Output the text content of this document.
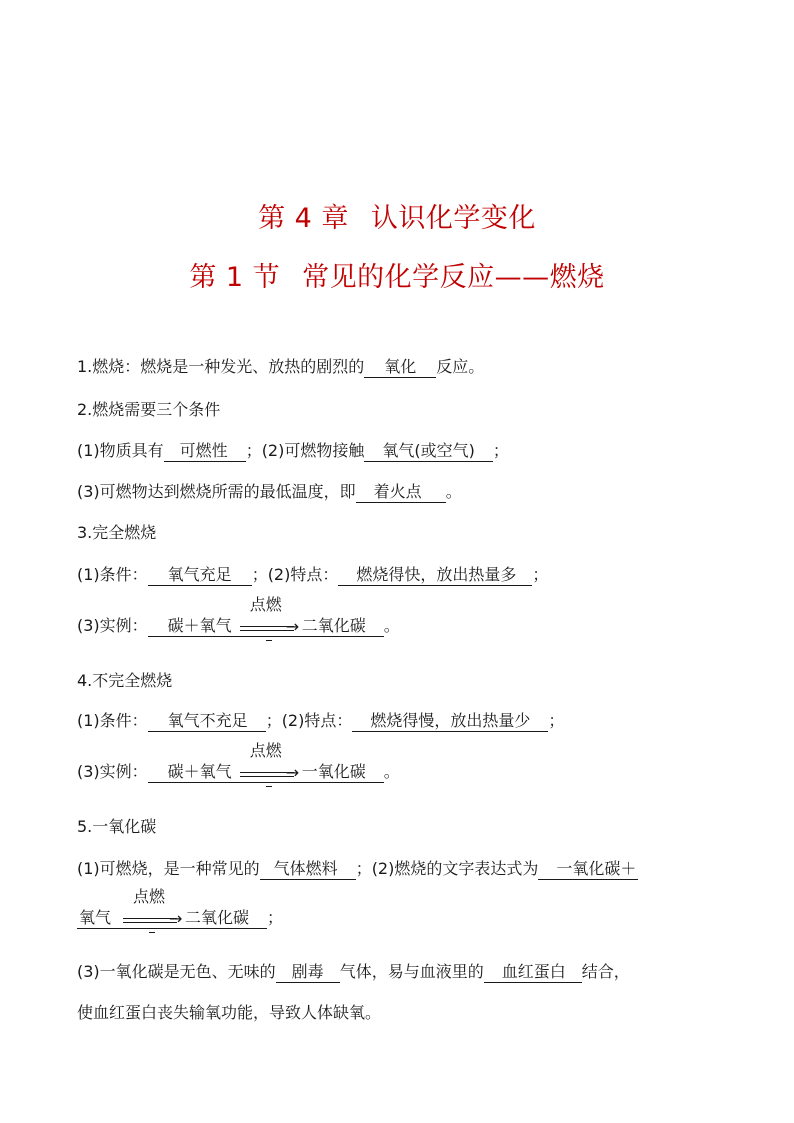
第 4 章 认识化学变化
第 1 节 常见的化学反应——燃烧
1.燃烧：燃烧是一种发光、放热的剧烈的 氧化 反应。
2.燃烧需要三个条件
(1)物质具有 可燃性 ；(2)可燃物接触 氧气(或空气) ；
(3)可燃物达到燃烧所需的最低温度，即 着火点 。
3.完全燃烧
(1)条件： 氧气充足 ；(2)特点： 燃烧得快，放出热量多 ；
(3)实例： 碳＋氧气
点燃
→ 二氧化碳 。
4.不完全燃烧
(1)条件： 氧气不充足 ；(2)特点： 燃烧得慢，放出热量少 ；
(3)实例： 碳＋氧气
点燃
→ 一氧化碳 。
5.一氧化碳
(1)可燃烧，是一种常见的 气体燃料 ；(2)燃烧的文字表达式为 一氧化碳＋
氧气
点燃
→ 二氧化碳 ；
(3)一氧化碳是无色、无味的 剧毒 气体，易与血液里的 血红蛋白 结合，
使血红蛋白丧失输氧功能，导致人体缺氧。
